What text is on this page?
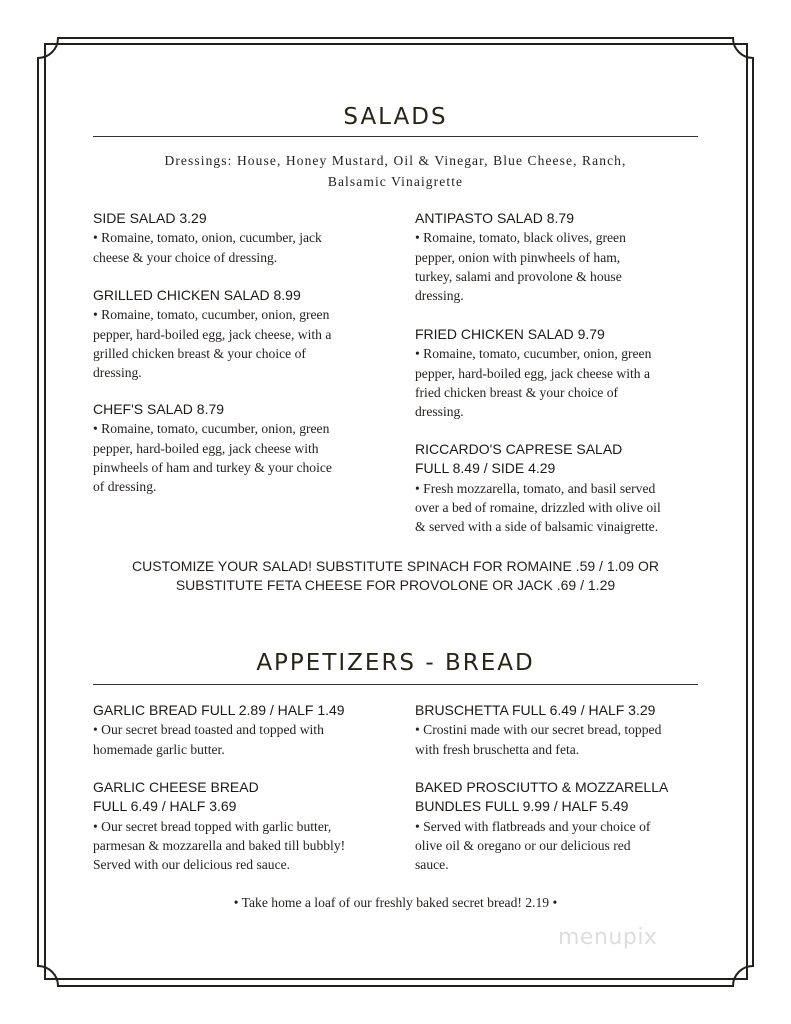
SALADS
Dressings: House, Honey Mustard, Oil & Vinegar, Blue Cheese, Ranch,
Balsamic Vinaigrette
SIDE SALAD 3.29
• Romaine, tomato, onion, cucumber, jack
cheese & your choice of dressing.
GRILLED CHICKEN SALAD 8.99
• Romaine, tomato, cucumber, onion, green
pepper, hard-boiled egg, jack cheese, with a
grilled chicken breast & your choice of
dressing.
CHEF'S SALAD 8.79
• Romaine, tomato, cucumber, onion, green
pepper, hard-boiled egg, jack cheese with
pinwheels of ham and turkey & your choice
of dressing.
ANTIPASTO SALAD 8.79
• Romaine, tomato, black olives, green
pepper, onion with pinwheels of ham,
turkey, salami and provolone & house
dressing.
FRIED CHICKEN SALAD 9.79
• Romaine, tomato, cucumber, onion, green
pepper, hard-boiled egg, jack cheese with a
fried chicken breast & your choice of
dressing.
RICCARDO'S CAPRESE SALAD
FULL 8.49 / SIDE 4.29
• Fresh mozzarella, tomato, and basil served
over a bed of romaine, drizzled with olive oil
& served with a side of balsamic vinaigrette.
CUSTOMIZE YOUR SALAD! SUBSTITUTE SPINACH FOR ROMAINE .59 / 1.09 OR
SUBSTITUTE FETA CHEESE FOR PROVOLONE OR JACK .69 / 1.29
APPETIZERS - BREAD
GARLIC BREAD FULL 2.89 / HALF 1.49
• Our secret bread toasted and topped with
homemade garlic butter.
GARLIC CHEESE BREAD
FULL 6.49 / HALF 3.69
• Our secret bread topped with garlic butter,
parmesan & mozzarella and baked till bubbly!
Served with our delicious red sauce.
BRUSCHETTA FULL 6.49 / HALF 3.29
• Crostini made with our secret bread, topped
with fresh bruschetta and feta.
BAKED PROSCIUTTO & MOZZARELLA
BUNDLES FULL 9.99 / HALF 5.49
• Served with flatbreads and your choice of
olive oil & oregano or our delicious red
sauce.
• Take home a loaf of our freshly baked secret bread! 2.19 •
menupix
